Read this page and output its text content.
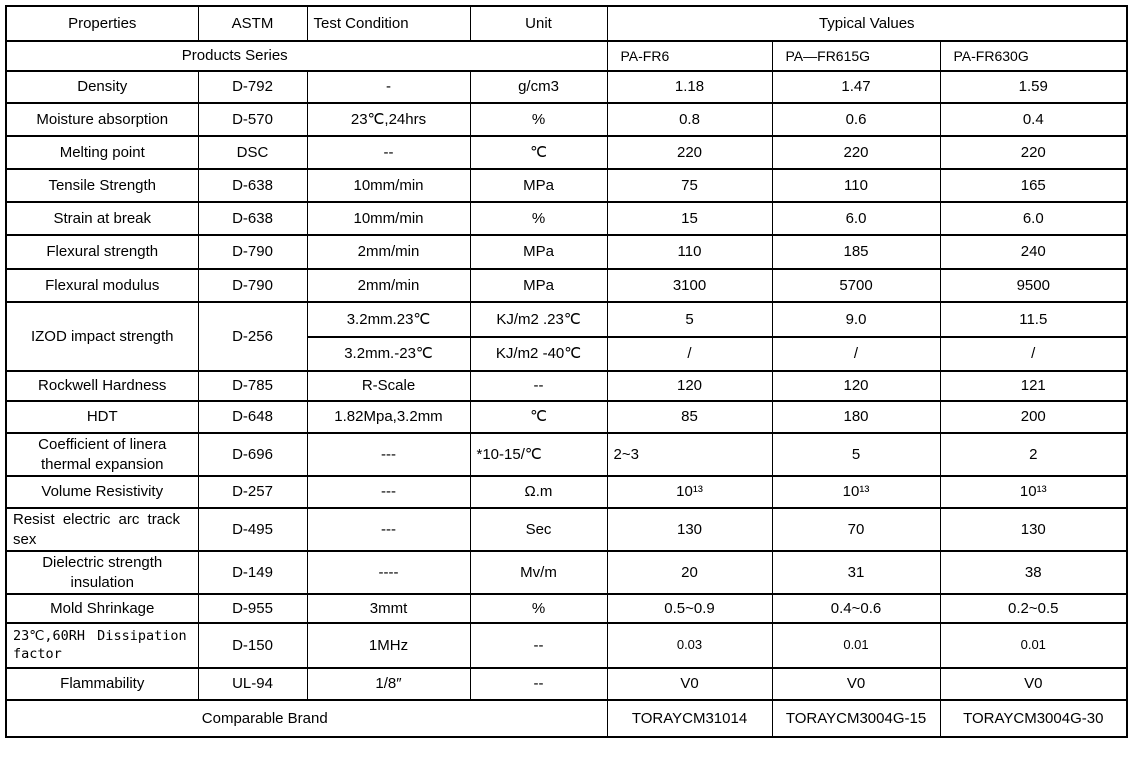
Properties	ASTM	Test Condition	Unit	Typical Values		
Products Series				PA-FR6	PA—FR615G	PA-FR630G
Density	D-792	-	g/cm3	1.18	1.47	1.59
Moisture absorption	D-570	23℃,24hrs	%	0.8	0.6	0.4
Melting point	DSC	--	℃	220	220	220
Tensile Strength	D-638	10mm/min	MPa	75	110	165
Strain at break	D-638	10mm/min	%	15	6.0	6.0
Flexural strength	D-790	2mm/min	MPa	110	185	240
Flexural modulus	D-790	2mm/min	MPa	3100	5700	9500
IZOD impact strength	D-256	3.2mm.23℃	KJ/m2 .23℃	5	9.0	11.5
		3.2mm.-23℃	KJ/m2 -40℃	/	/	/
Rockwell Hardness	D-785	R-Scale	--	120	120	121
HDT	D-648	1.82Mpa,3.2mm	℃	85	180	200
Coefficient of linera thermal expansion	D-696	---	*10-15/℃	2~3	5	2
Volume Resistivity	D-257	---	Ω.m	10¹³	10¹³	10¹³
Resist electric arc track sex	D-495	---	Sec	130	70	130
Dielectric strength insulation	D-149	----	Mv/m	20	31	38
Mold Shrinkage	D-955	3mmt	%	0.5~0.9	0.4~0.6	0.2~0.5
23℃,60RH Dissipation factor	D-150	1MHz	--	0.03	0.01	0.01
Flammability	UL-94	1/8″	--	V0	V0	V0
Comparable Brand				TORAYCM31014	TORAYCM3004G-15	TORAYCM3004G-30
